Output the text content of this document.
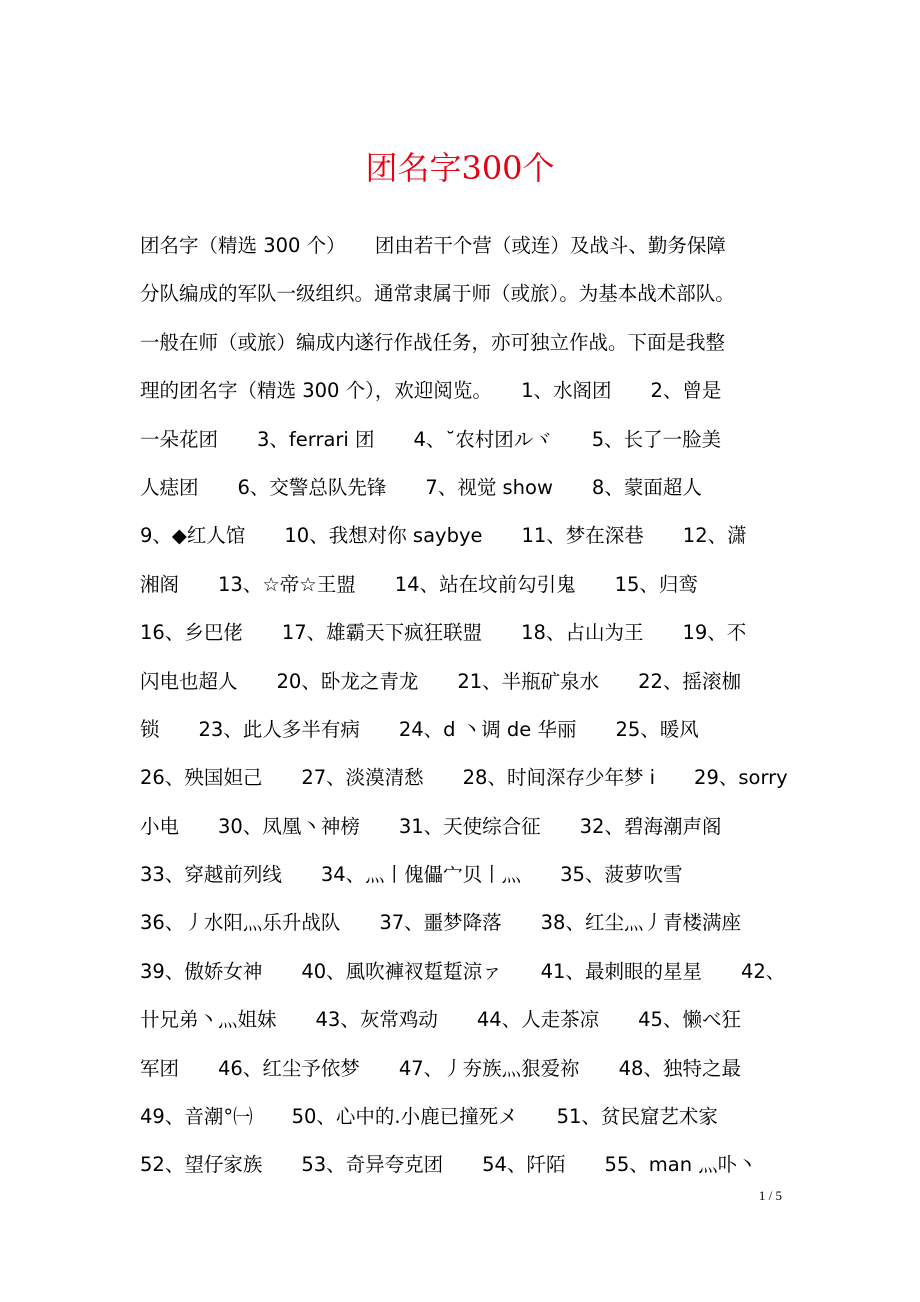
团名字300个
团名字（精选 300 个）　　团由若干个营（或连）及战斗、勤务保障
分队编成的军队一级组织。通常隶属于师（或旅）。为基本战术部队。
一般在师（或旅）编成内遂行作战任务，亦可独立作战。下面是我整
理的团名字（精选 300 个），欢迎阅览。　　1、水阁团　　2、曾是
一朵花团　　3、ferrari 团　　4、˘农村团ルヾ　　5、长了一脸美
人痣团　　6、交警总队先锋　　7、视觉 show　　8、蒙面超人
9、◆红人馆　　10、我想对你 saybye　　11、梦在深巷　　12、潇
湘阁　　13、☆帝☆王盟　　14、站在坟前勾引鬼　　15、归鸾
16、乡巴佬　　17、雄霸天下疯狂联盟　　18、占山为王　　19、不
闪电也超人　　20、卧龙之青龙　　21、半瓶矿泉水　　22、摇滚枷
锁　　23、此人多半有病　　24、d 丶调 de 华丽　　25、暖风
26、殃国妲己　　27、淡漠清愁　　28、时间深存少年梦 i　　29、sorry
小电　　30、凤凰丶神榜　　31、天使综合征　　32、碧海潮声阁
33、穿越前列线　　34、灬丨傀儡宀贝丨灬　　35、菠萝吹雪
36、丿水阳灬乐升战队　　37、噩梦降落　　38、红尘灬丿青楼满座
39、傲娇女神　　40、風吹褲衩踅踅涼ァ　　41、最刺眼的星星　　42、
卄兄弟丶灬姐妹　　43、灰常鸡动　　44、人走茶凉　　45、懒べ狂
军团　　46、红尘予依梦　　47、丿夯族灬狠爱祢　　48、独特之最
49、音潮°㈠　　50、心中的.小鹿已撞死メ　　51、贫民窟艺术家
52、望仔家族　　53、奇异夸克团　　54、阡陌　　55、man 灬卟丶
1 / 5
